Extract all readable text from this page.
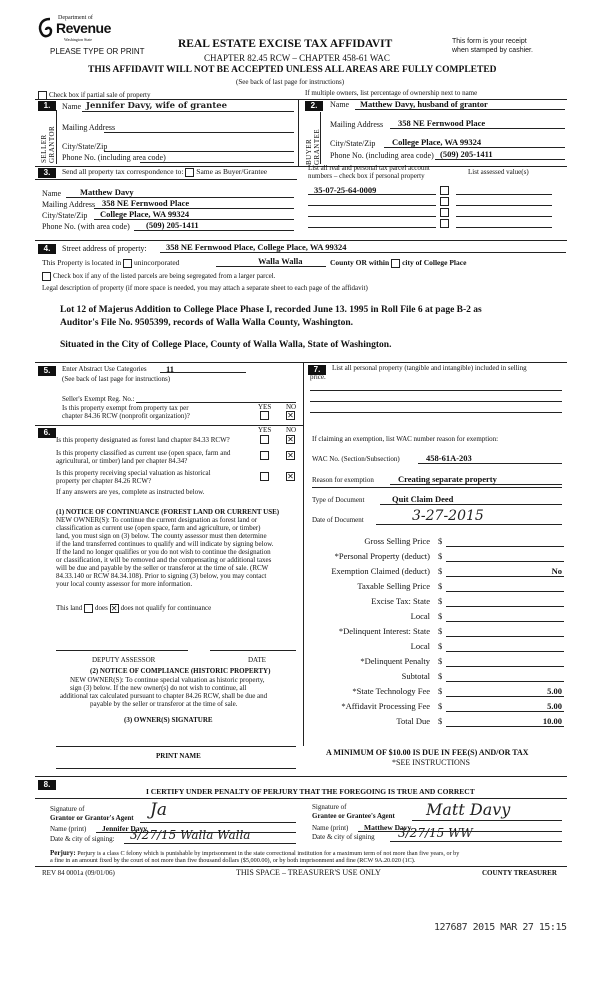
Department of
Revenue
Washington State
PLEASE TYPE OR PRINT
REAL ESTATE EXCISE TAX AFFIDAVIT
CHAPTER 82.45 RCW – CHAPTER 458-61 WAC
This form is your receipt
when stamped by cashier.
THIS AFFIDAVIT WILL NOT BE ACCEPTED UNLESS ALL AREAS ARE FULLY COMPLETED
(See back of last page for instructions)
Check box if partial sale of property	If multiple owners, list percentage of ownership next to name
1.
SELLER GRANTOR
Name Jennifer Davy, wife of grantee
Mailing Address
City/State/Zip
Phone No. (including area code)
2.	Name Matthew Davy, husband of grantor
BUYER GRANTEE
Mailing Address 358 NE Fernwood Place
City/State/Zip College Place, WA 99324
Phone No. (including area code) (509) 205-1411
3.	Send all property tax correspondence to: Same as Buyer/Grantee	List all real and personal tax parcel account
numbers – check box if personal property	List assessed value(s)
Name Matthew Davy
Mailing Address 358 NE Fernwood Place
City/State/Zip College Place, WA 99324
Phone No. (with area code) (509) 205-1411
35-07-25-64-0009
4.	Street address of property: 358 NE Fernwood Place, College Place, WA 99324
This Property is located in unincorporated	Walla Walla	County OR within city of College Place
Check box if any of the listed parcels are being segregated from a larger parcel.
Legal description of property (if more space is needed, you may attach a separate sheet to each page of the affidavit)
Lot 12 of Majerus Addition to College Place Phase I, recorded June 13. 1995 in Roll File 6 at page B-2 as
Auditor's File No. 9505399, records of Walla Walla County, Washington.
Situated in the City of College Place, County of Walla Walla, State of Washington.
5.	Enter Abstract Use Categories 11
(See back of last page for instructions)
Seller's Exempt Reg. No.:
Is this property exempt from property tax per
chapter 84.36 RCW (nonprofit organization)?
YES NO
✕
7.	List all personal property (tangible and intangible) included in selling
price.
6.	YES NO
Is this property designated as forest land chapter 84.33 RCW?	✕
Is this property classified as current use (open space, farm and
agricultural, or timber) land per chapter 84.34?
✕
Is this property receiving special valuation as historical
property per chapter 84.26 RCW?	✕
If any answers are yes, complete as instructed below.
(1) NOTICE OF CONTINUANCE (FOREST LAND OR CURRENT USE)
NEW OWNER(S): To continue the current designation as forest land or
classification as current use (open space, farm and agriculture, or timber)
land, you must sign on (3) below. The county assessor must then determine
if the land transferred continues to qualify and will indicate by signing below.
If the land no longer qualifies or you do not wish to continue the designation
or classification, it will be removed and the compensating or additional taxes
will be due and payable by the seller or transferor at the time of sale. (RCW
84.33.140 or RCW 84.34.108). Prior to signing (3) below, you may contact
your local county assessor for more information.
This land does ✕ does not qualify for continuance
DEPUTY ASSESSOR	DATE
(2) NOTICE OF COMPLIANCE (HISTORIC PROPERTY)
NEW OWNER(S): To continue special valuation as historic property,
sign (3) below. If the new owner(s) do not wish to continue, all
additional tax calculated pursuant to chapter 84.26 RCW, shall be due and
payable by the seller or transferor at the time of sale.
(3) OWNER(S) SIGNATURE
PRINT NAME
If claiming an exemption, list WAC number reason for exemption:
WAC No. (Section/Subsection)	458-61A-203
Reason for exemption	Creating separate property
Type of Document	Quit Claim Deed
Date of Document	3-27-2015
Gross Selling Price $
*Personal Property (deduct) $
Exemption Claimed (deduct) $	No
Taxable Selling Price $
Excise Tax: State $
Local $
*Delinquent Interest: State $
Local $
*Delinquent Penalty $
Subtotal $
*State Technology Fee $	5.00
*Affidavit Processing Fee $	5.00
Total Due $	10.00
A MINIMUM OF $10.00 IS DUE IN FEE(S) AND/OR TAX
*SEE INSTRUCTIONS
8.
I CERTIFY UNDER PENALTY OF PERJURY THAT THE FOREGOING IS TRUE AND CORRECT
Signature of
Grantor or Grantor's Agent Ja
Name (print) Jennifer Davy
Date & city of signing: 3/27/15 Walla Walla
Signature of
Grantee or Grantee's Agent Matt Davy
Name (print) Matthew Davy
Date & city of signing 3/27/15 WW
Perjury: Perjury is a class C felony which is punishable by imprisonment in the state correctional institution for a maximum term of not more than five years, or by
a fine in an amount fixed by the court of not more than five thousand dollars ($5,000.00), or by both imprisonment and fine (RCW 9A.20.020 (1C).
REV 84 0001a (09/01/06)	THIS SPACE – TREASURER'S USE ONLY	COUNTY TREASURER
127687 2015 MAR 27 15:15
